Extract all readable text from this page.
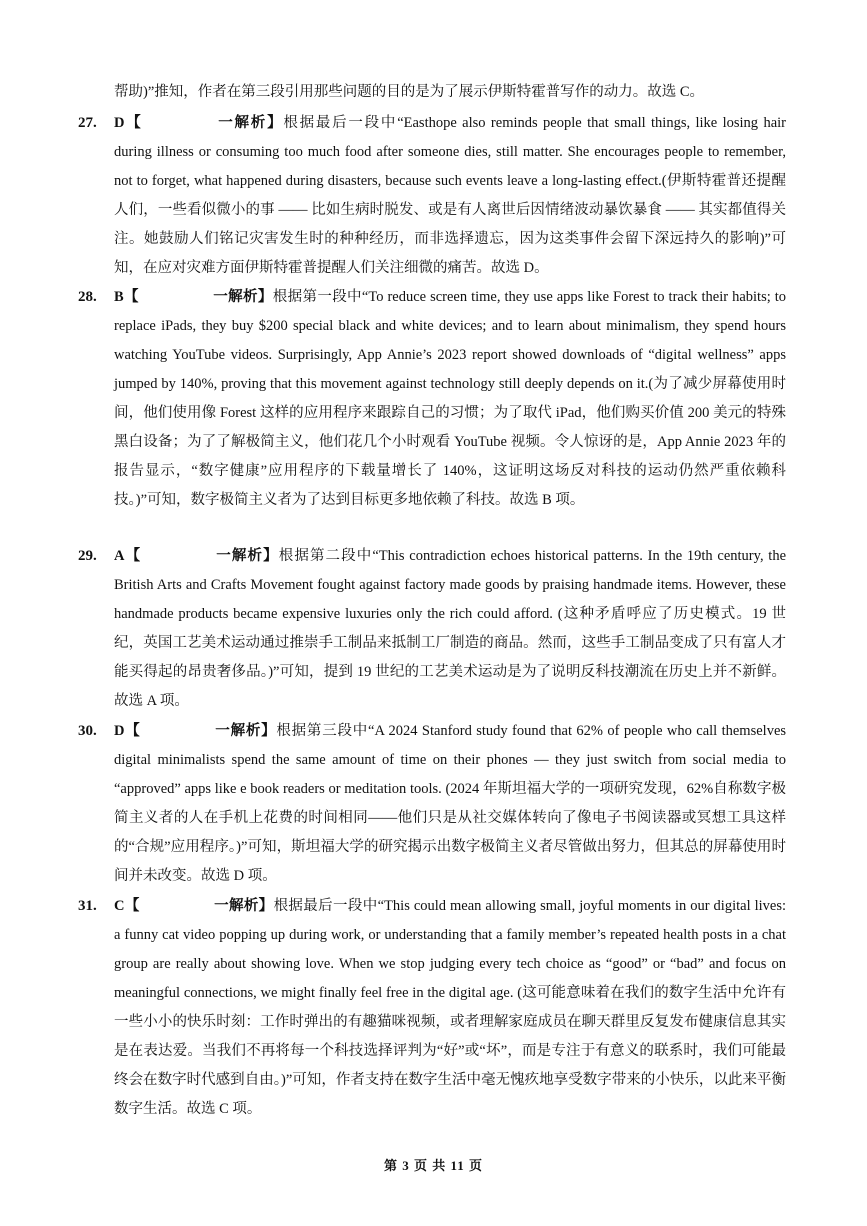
帮助)”推知，作者在第三段引用那些问题的目的是为了展示伊斯特霍普写作的动力。故选 C。
27.	D【	一解析】根据最后一段中“Easthope also reminds people that small things, like losing hair during illness or consuming too much food after someone dies, still matter. She encourages people to remember, not to forget, what happened during disasters, because such events leave a long-lasting effect.(伊斯特霍普还提醒人们，一些看似微小的事 —— 比如生病时脱发、或是有人离世后因情绪波动暴饮暴食 —— 其实都值得关注。她鼓励人们铭记灾害发生时的种种经历，而非选择遗忘，因为这类事件会留下深远持久的影响)”可知，在应对灾难方面伊斯特霍普提醒人们关注细微的痛苦。故选 D。
28.	B【	一解析】根据第一段中“To reduce screen time, they use apps like Forest to track their habits; to replace iPads, they buy $200 special black and white devices; and to learn about minimalism, they spend hours watching YouTube videos. Surprisingly, App Annie’s 2023 report showed downloads of “digital wellness” apps jumped by 140%, proving that this movement against technology still deeply depends on it.(为了减少屏幕使用时间，他们使用像 Forest 这样的应用程序来跟踪自己的习惯；为了取代 iPad，他们购买价值 200 美元的特殊黑白设备；为了了解极简主义，他们花几个小时观看 YouTube 视频。令人惊讶的是，App Annie 2023 年的报告显示，“数字健康”应用程序的下载量增长了 140%，这证明这场反对科技的运动仍然严重依赖科技。)”可知，数字极简主义者为了达到目标更多地依赖了科技。故选 B 项。
29.	A【	一解析】根据第二段中“This contradiction echoes historical patterns. In the 19th century, the British Arts and Crafts Movement fought against factory made goods by praising handmade items. However, these handmade products became expensive luxuries only the rich could afford. (这种矛盾呼应了历史模式。19 世纪，英国工艺美术运动通过推崇手工制品来抵制工厂制造的商品。然而，这些手工制品变成了只有富人才能买得起的昂贵奢侈品。)”可知，提到 19 世纪的工艺美术运动是为了说明反科技潮流在历史上并不新鲜。故选 A 项。
30.	D【	一解析】根据第三段中“A 2024 Stanford study found that 62% of people who call themselves digital minimalists spend the same amount of time on their phones — they just switch from social media to “approved” apps like e book readers or meditation tools. (2024 年斯坦福大学的一项研究发现，62%自称数字极简主义者的人在手机上花费的时间相同——他们只是从社交媒体转向了像电子书阅读器或冥想工具这样的“合规”应用程序。)”可知，斯坦福大学的研究揭示出数字极简主义者尽管做出努力，但其总的屏幕使用时间并未改变。故选 D 项。
31.	C【	一解析】根据最后一段中“This could mean allowing small, joyful moments in our digital lives: a funny cat video popping up during work, or understanding that a family member’s repeated health posts in a chat group are really about showing love. When we stop judging every tech choice as “good” or “bad” and focus on meaningful connections, we might finally feel free in the digital age. (这可能意味着在我们的数字生活中允许有一些小小的快乐时刻：工作时弹出的有趣猫咪视频，或者理解家庭成员在聊天群里反复发布健康信息其实是在表达爱。当我们不再将每一个科技选择评判为“好”或“坏”，而是专注于有意义的联系时，我们可能最终会在数字时代感到自由。)”可知，作者支持在数字生活中毫无愧疚地享受数字带来的小快乐，以此来平衡数字生活。故选 C 项。
第 3 页 共 11 页
